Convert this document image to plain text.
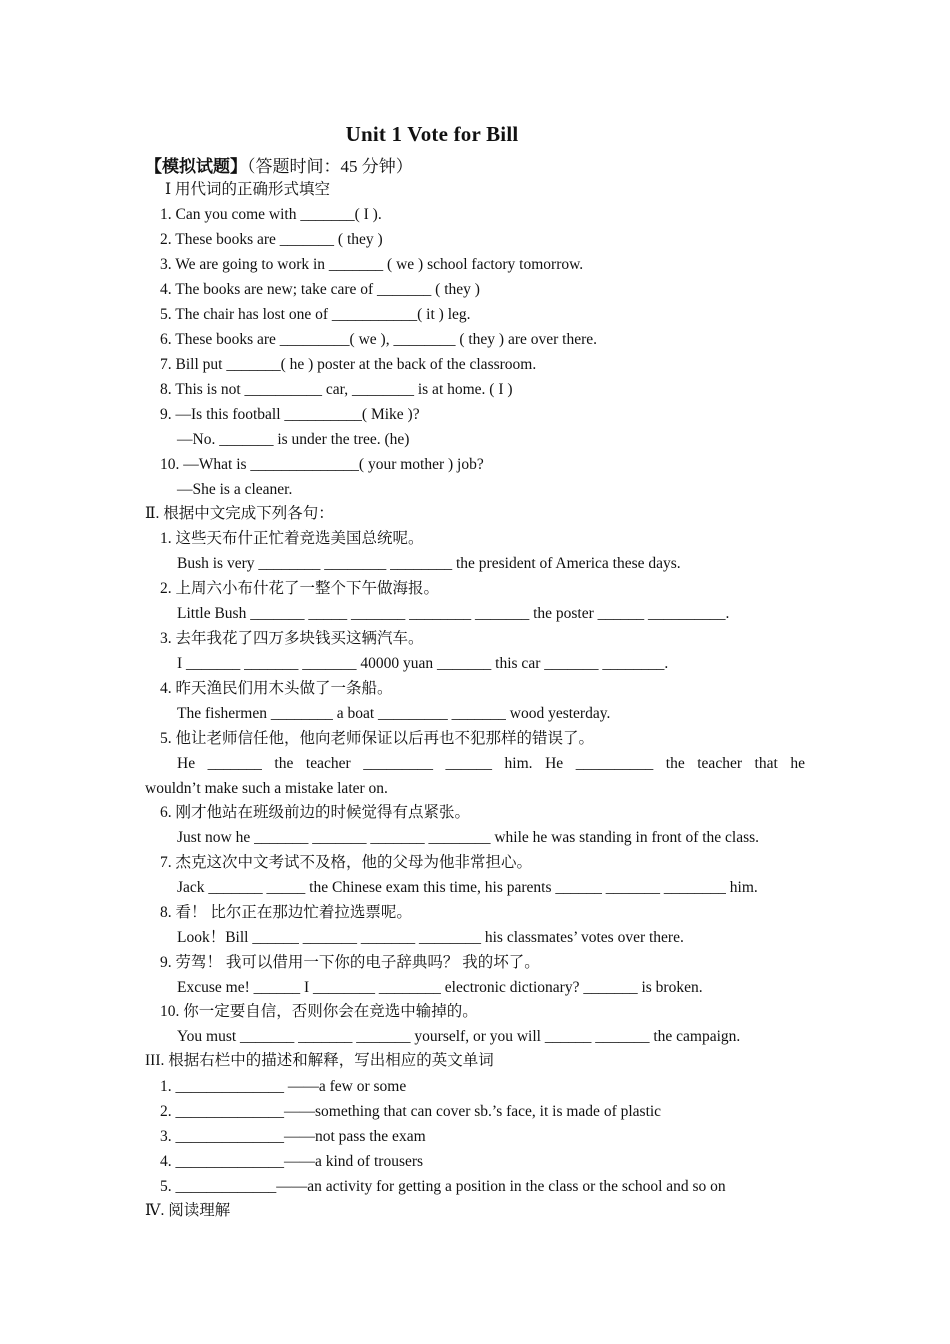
Unit 1 Vote for Bill
【模拟试题】（答题时间：45 分钟）
Ⅰ 用代词的正确形式填空
1. Can you come with _______( I ).
2. These books are _______ ( they )
3. We are going to work in _______ ( we ) school factory tomorrow.
4. The books are new; take care of _______ ( they )
5. The chair has lost one of ___________( it ) leg.
6. These books are _________( we ), ________ ( they ) are over there.
7. Bill put _______( he ) poster at the back of the classroom.
8. This is not __________ car, ________ is at home. ( I )
9. —Is this football __________( Mike )?
—No. _______ is under the tree. (he)
10. —What is ______________( your mother ) job?
—She is a cleaner.
Ⅱ. 根据中文完成下列各句：
1. 这些天布什正忙着竞选美国总统呢。
Bush is very ________ ________ ________ the president of America these days.
2. 上周六小布什花了一整个下午做海报。
Little Bush _______ _____ _______ ________ _______ the poster ______ __________.
3. 去年我花了四万多块钱买这辆汽车。
I _______ _______ _______ 40000 yuan _______ this car _______ ________.
4. 昨天渔民们用木头做了一条船。
The fishermen ________ a boat _________ _______ wood yesterday.
5. 他让老师信任他，他向老师保证以后再也不犯那样的错误了。
He _______ the teacher _________ ______ him. He __________ the teacher that he
wouldn’t make such a mistake later on.
6. 刚才他站在班级前边的时候觉得有点紧张。
Just now he _______ _______ _______ ________ while he was standing in front of the class.
7. 杰克这次中文考试不及格，他的父母为他非常担心。
Jack _______ _____ the Chinese exam this time, his parents ______ _______ ________ him.
8. 看！ 比尔正在那边忙着拉选票呢。
Look！Bill ______ _______ _______ ________ his classmates’ votes over there.
9. 劳驾！ 我可以借用一下你的电子辞典吗？ 我的坏了。
Excuse me! ______ I ________ ________ electronic dictionary? _______ is broken.
10. 你一定要自信，否则你会在竞选中输掉的。
You must _______ _______ _______ yourself, or you will ______ _______ the campaign.
III. 根据右栏中的描述和解释，写出相应的英文单词
1. ______________ ——a few or some
2. ______________——something that can cover sb.’s face, it is made of plastic
3. ______________——not pass the exam
4. ______________——a kind of trousers
5. _____________——an activity for getting a position in the class or the school and so on
Ⅳ. 阅读理解
